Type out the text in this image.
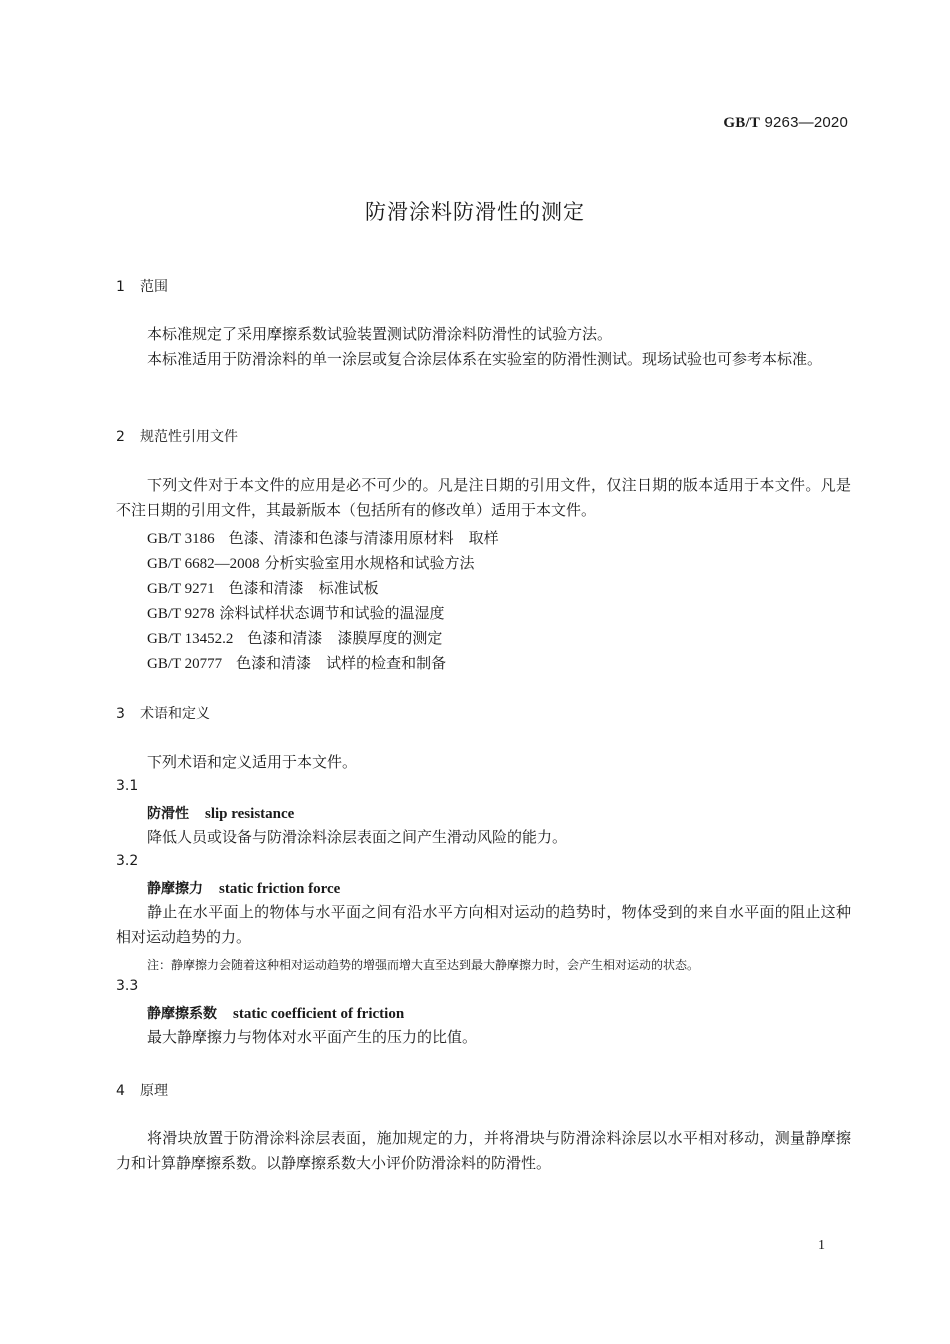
GB/T 9263—2020
防滑涂料防滑性的测定
1 范围
本标准规定了采用摩擦系数试验装置测试防滑涂料防滑性的试验方法。
本标准适用于防滑涂料的单一涂层或复合涂层体系在实验室的防滑性测试。现场试验也可参考本标准。
2 规范性引用文件
下列文件对于本文件的应用是必不可少的。凡是注日期的引用文件，仅注日期的版本适用于本文件。凡是不注日期的引用文件，其最新版本（包括所有的修改单）适用于本文件。
GB/T 3186 色漆、清漆和色漆与清漆用原材料　取样
GB/T 6682—2008 分析实验室用水规格和试验方法
GB/T 9271 色漆和清漆　标准试板
GB/T 9278 涂料试样状态调节和试验的温湿度
GB/T 13452.2 色漆和清漆　漆膜厚度的测定
GB/T 20777 色漆和清漆　试样的检查和制备
3 术语和定义
下列术语和定义适用于本文件。
3.1
防滑性 slip resistance
降低人员或设备与防滑涂料涂层表面之间产生滑动风险的能力。
3.2
静摩擦力 static friction force
静止在水平面上的物体与水平面之间有沿水平方向相对运动的趋势时，物体受到的来自水平面的阻止这种相对运动趋势的力。
注：静摩擦力会随着这种相对运动趋势的增强而增大直至达到最大静摩擦力时，会产生相对运动的状态。
3.3
静摩擦系数 static coefficient of friction
最大静摩擦力与物体对水平面产生的压力的比值。
4 原理
将滑块放置于防滑涂料涂层表面，施加规定的力，并将滑块与防滑涂料涂层以水平相对移动，测量静摩擦力和计算静摩擦系数。以静摩擦系数大小评价防滑涂料的防滑性。
1
